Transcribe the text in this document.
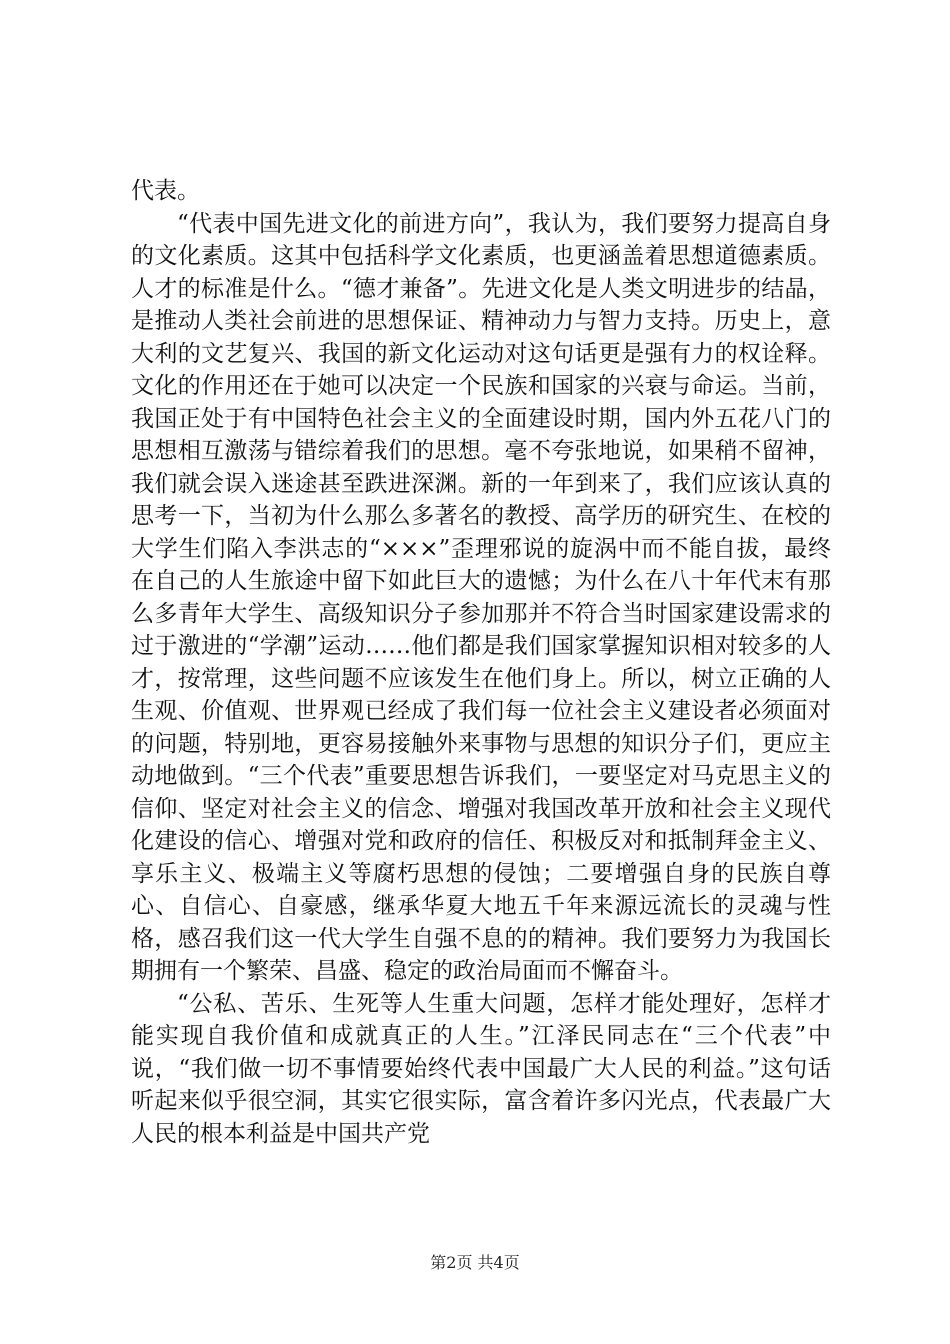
代表。

“代表中国先进文化的前进方向”，我认为，我们要努力提高自身的文化素质。这其中包括科学文化素质，也更涵盖着思想道德素质。人才的标准是什么。“德才兼备”。先进文化是人类文明进步的结晶，是推动人类社会前进的思想保证、精神动力与智力支持。历史上，意大利的文艺复兴、我国的新文化运动对这句话更是强有力的权诠释。文化的作用还在于她可以决定一个民族和国家的兴衰与命运。当前，我国正处于有中国特色社会主义的全面建设时期，国内外五花八门的思想相互激荡与错综着我们的思想。毫不夸张地说，如果稍不留神，我们就会误入迷途甚至跌进深渊。新的一年到来了，我们应该认真的思考一下，当初为什么那么多著名的教授、高学历的研究生、在校的大学生们陷入李洪志的“×××”歪理邪说的旋涡中而不能自拔，最终在自己的人生旅途中留下如此巨大的遗憾；为什么在八十年代末有那么多青年大学生、高级知识分子参加那并不符合当时国家建设需求的过于激进的“学潮”运动……他们都是我们国家掌握知识相对较多的人才，按常理，这些问题不应该发生在他们身上。所以，树立正确的人生观、价值观、世界观已经成了我们每一位社会主义建设者必须面对的问题，特别地，更容易接触外来事物与思想的知识分子们，更应主动地做到。“三个代表”重要思想告诉我们，一要坚定对马克思主义的信仰、坚定对社会主义的信念、增强对我国改革开放和社会主义现代化建设的信心、增强对党和政府的信任、积极反对和抵制拜金主义、享乐主义、极端主义等腐朽思想的侵蚀；二要增强自身的民族自尊心、自信心、自豪感，继承华夏大地五千年来源远流长的灵魂与性格，感召我们这一代大学生自强不息的的精神。我们要努力为我国长期拥有一个繁荣、昌盛、稳定的政治局面而不懈奋斗。

“公私、苦乐、生死等人生重大问题，怎样才能处理好，怎样才能实现自我价值和成就真正的人生。”江泽民同志在“三个代表”中说，“我们做一切不事情要始终代表中国最广大人民的利益。”这句话听起来似乎很空洞，其实它很实际，富含着许多闪光点，代表最广大人民的根本利益是中国共产党

第2页 共4页
